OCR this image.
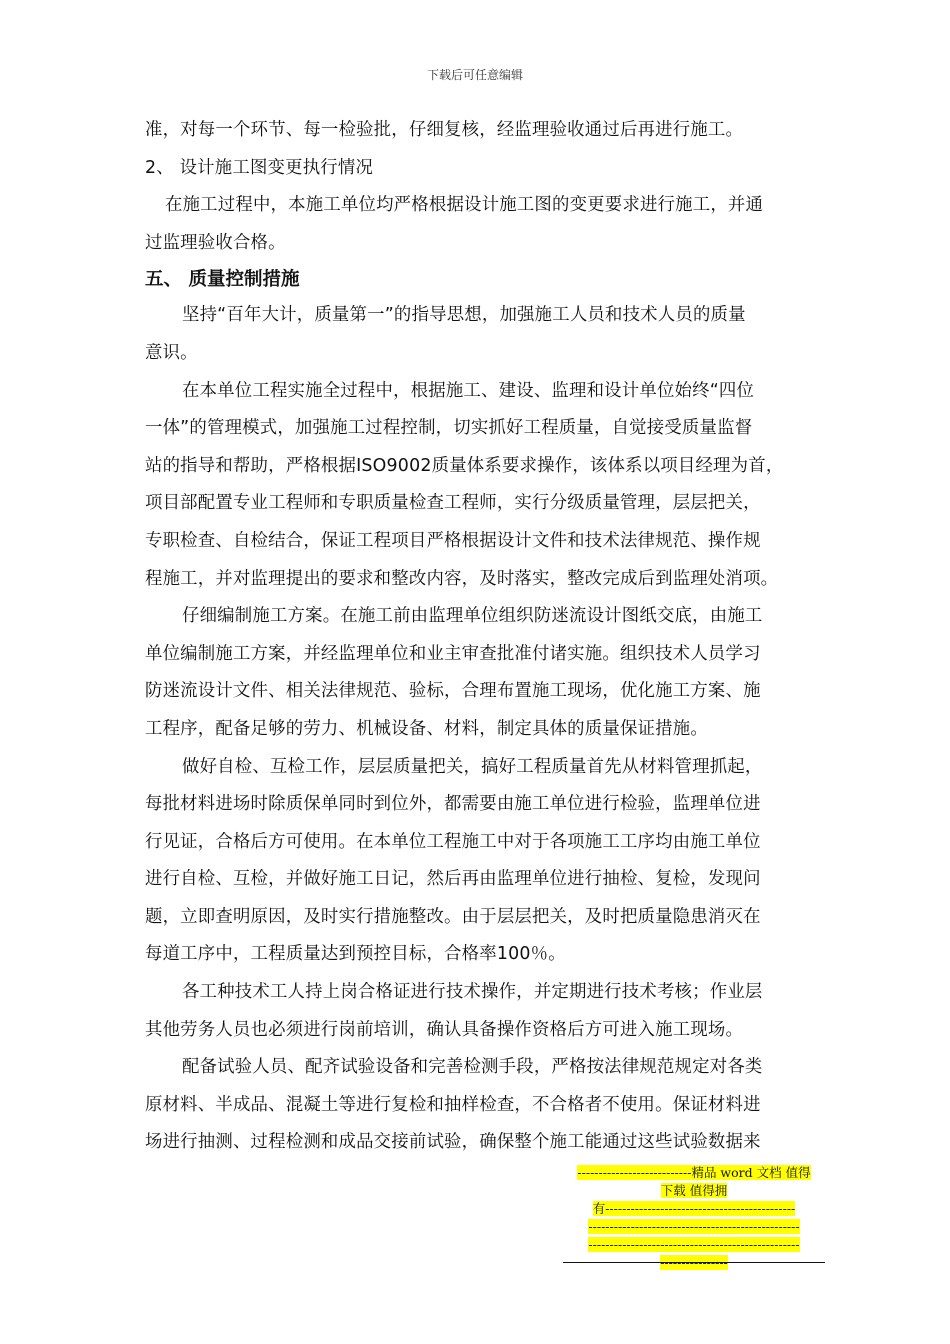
下载后可任意编辑
准，对每一个环节、每一检验批，仔细复核，经监理验收通过后再进行施工。
2、 设计施工图变更执行情况
在施工过程中，本施工单位均严格根据设计施工图的变更要求进行施工，并通
过监理验收合格。
五、 质量控制措施
坚持“百年大计，质量第一”的指导思想，加强施工人员和技术人员的质量
意识。
在本单位工程实施全过程中，根据施工、建设、监理和设计单位始终“四位
一体”的管理模式，加强施工过程控制，切实抓好工程质量，自觉接受质量监督
站的指导和帮助，严格根据ISO9002质量体系要求操作，该体系以项目经理为首，
项目部配置专业工程师和专职质量检查工程师，实行分级质量管理，层层把关，
专职检查、自检结合，保证工程项目严格根据设计文件和技术法律规范、操作规
程施工，并对监理提出的要求和整改内容，及时落实，整改完成后到监理处消项。
仔细编制施工方案。在施工前由监理单位组织防迷流设计图纸交底，由施工
单位编制施工方案，并经监理单位和业主审查批准付诸实施。组织技术人员学习
防迷流设计文件、相关法律规范、验标，合理布置施工现场，优化施工方案、施
工程序，配备足够的劳力、机械设备、材料，制定具体的质量保证措施。
做好自检、互检工作，层层质量把关，搞好工程质量首先从材料管理抓起，
每批材料进场时除质保单同时到位外，都需要由施工单位进行检验，监理单位进
行见证，合格后方可使用。在本单位工程施工中对于各项施工工序均由施工单位
进行自检、互检，并做好施工日记，然后再由监理单位进行抽检、复检，发现问
题，立即查明原因，及时实行措施整改。由于层层把关，及时把质量隐患消灭在
每道工序中，工程质量达到预控目标，合格率100％。
各工种技术工人持上岗合格证进行技术操作，并定期进行技术考核；作业层
其他劳务人员也必须进行岗前培训，确认具备操作资格后方可进入施工现场。
配备试验人员、配齐试验设备和完善检测手段，严格按法律规范规定对各类
原材料、半成品、混凝土等进行复检和抽样检查，不合格者不使用。保证材料进
场进行抽测、过程检测和成品交接前试验，确保整个施工能通过这些试验数据来
---------------------------精品 word 文档 值得
下载 值得拥
有---------------------------------------------
--------------------------------------------------
--------------------------------------------------
----------------
